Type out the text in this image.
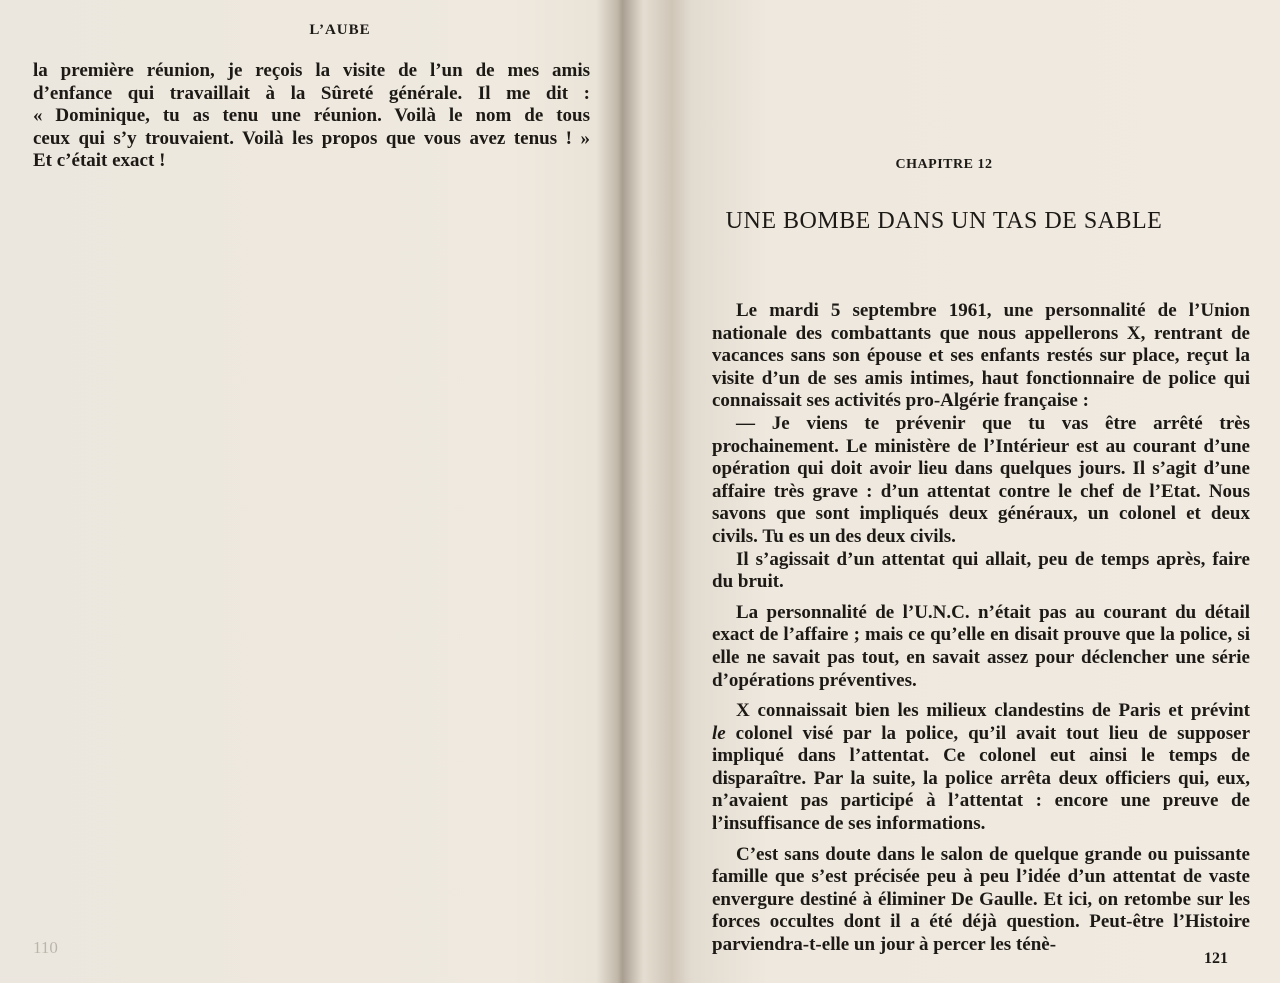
L’AUBE
la première réunion, je reçois la visite de l’un de mes amis
d’enfance qui travaillait à la Sûreté générale. Il me dit :
« Dominique, tu as tenu une réunion. Voilà le nom de tous
ceux qui s’y trouvaient. Voilà les propos que vous avez tenus ! »
Et c’était exact !
110
CHAPITRE 12
UNE BOMBE DANS UN TAS DE SABLE

Le mardi 5 septembre 1961, une personnalité de l’Union nationale des combattants que nous appellerons X, rentrant de vacances sans son épouse et ses enfants restés sur place, reçut la visite d’un de ses amis intimes, haut fonctionnaire de police qui connaissait ses activités pro-Algérie française :

— Je viens te prévenir que tu vas être arrêté très prochainement. Le ministère de l’Intérieur est au courant d’une opération qui doit avoir lieu dans quelques jours. Il s’agit d’une affaire très grave : d’un attentat contre le chef de l’Etat. Nous savons que sont impliqués deux généraux, un colonel et deux civils. Tu es un des deux civils.

Il s’agissait d’un attentat qui allait, peu de temps après, faire du bruit.

La personnalité de l’U.N.C. n’était pas au courant du détail exact de l’affaire ; mais ce qu’elle en disait prouve que la police, si elle ne savait pas tout, en savait assez pour déclencher une série d’opérations préventives.

X connaissait bien les milieux clandestins de Paris et prévint

le colonel visé par la police, qu’il avait tout lieu de supposer impliqué dans l’attentat. Ce colonel eut ainsi le temps de disparaître. Par la suite, la police arrêta deux officiers qui, eux, n’avaient pas participé à l’attentat : encore une preuve de l’insuffisance de ses informations.

C’est sans doute dans le salon de quelque grande ou puissante famille que s’est précisée peu à peu l’idée d’un attentat de vaste envergure destiné à éliminer De Gaulle. Et ici, on retombe sur les forces occultes dont il a été déjà question. Peut-être l’Histoire parviendra-t-elle un jour à percer les ténè-

121
